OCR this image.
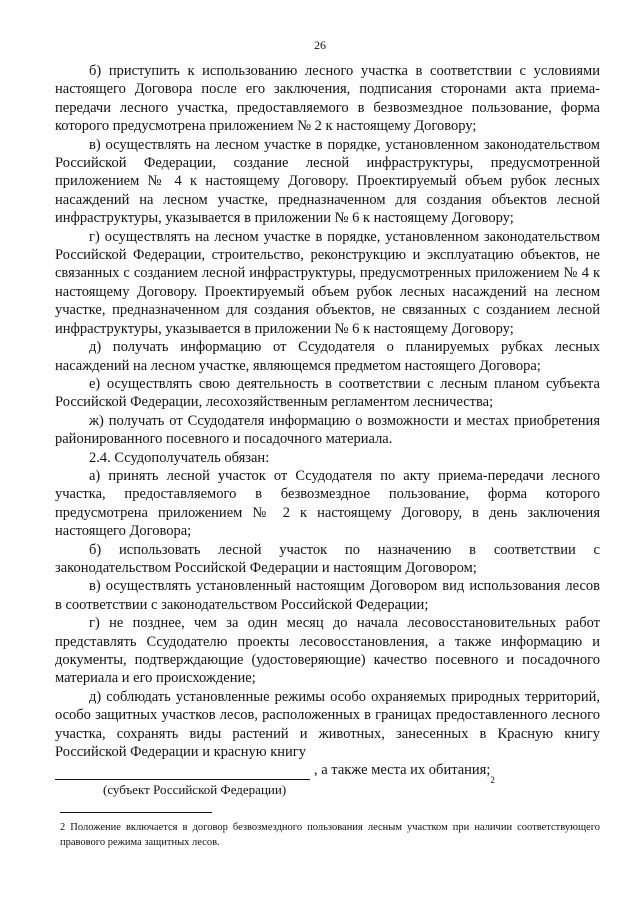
26

б) приступить к использованию лесного участка в соответствии с условиями настоящего Договора после его заключения, подписания сторонами акта приема-передачи лесного участка, предоставляемого в безвозмездное пользование, форма которого предусмотрена приложением № 2 к настоящему Договору;

в) осуществлять на лесном участке в порядке, установленном законодательством Российской Федерации, создание лесной инфраструктуры, предусмотренной приложением № 4 к настоящему Договору. Проектируемый объем рубок лесных насаждений на лесном участке, предназначенном для создания объектов лесной инфраструктуры, указывается в приложении № 6 к настоящему Договору;

г) осуществлять на лесном участке в порядке, установленном законодательством Российской Федерации, строительство, реконструкцию и эксплуатацию объектов, не связанных с созданием лесной инфраструктуры, предусмотренных приложением № 4 к настоящему Договору. Проектируемый объем рубок лесных насаждений на лесном участке, предназначенном для создания объектов, не связанных с созданием лесной инфраструктуры, указывается в приложении № 6 к настоящему Договору;

д) получать информацию от Ссудодателя о планируемых рубках лесных насаждений на лесном участке, являющемся предметом настоящего Договора;

е) осуществлять свою деятельность в соответствии с лесным планом субъекта Российской Федерации, лесохозяйственным регламентом лесничества;

ж) получать от Ссудодателя информацию о возможности и местах приобретения районированного посевного и посадочного материала.

2.4. Ссудополучатель обязан:

а) принять лесной участок от Ссудодателя по акту приема-передачи лесного участка, предоставляемого в безвозмездное пользование, форма которого предусмотрена приложением № 2 к настоящему Договору, в день заключения настоящего Договора;

б) использовать лесной участок по назначению в соответствии с законодательством Российской Федерации и настоящим Договором;

в) осуществлять установленный настоящим Договором вид использования лесов в соответствии с законодательством Российской Федерации;

г) не позднее, чем за один месяц до начала лесовосстановительных работ представлять Ссудодателю проекты лесовосстановления, а также информацию и документы, подтверждающие (удостоверяющие) качество посевного и посадочного материала и его происхождение;

д) соблюдать установленные режимы особо охраняемых природных территорий, особо защитных участков лесов, расположенных в границах предоставленного лесного участка, сохранять виды растений и животных, занесенных в Красную книгу Российской Федерации и красную книгу

, а также места их обитания;
2

(субъект Российской Федерации)

2 Положение включается в договор безвозмездного пользования лесным участком при наличии соответствующего правового режима защитных лесов.
